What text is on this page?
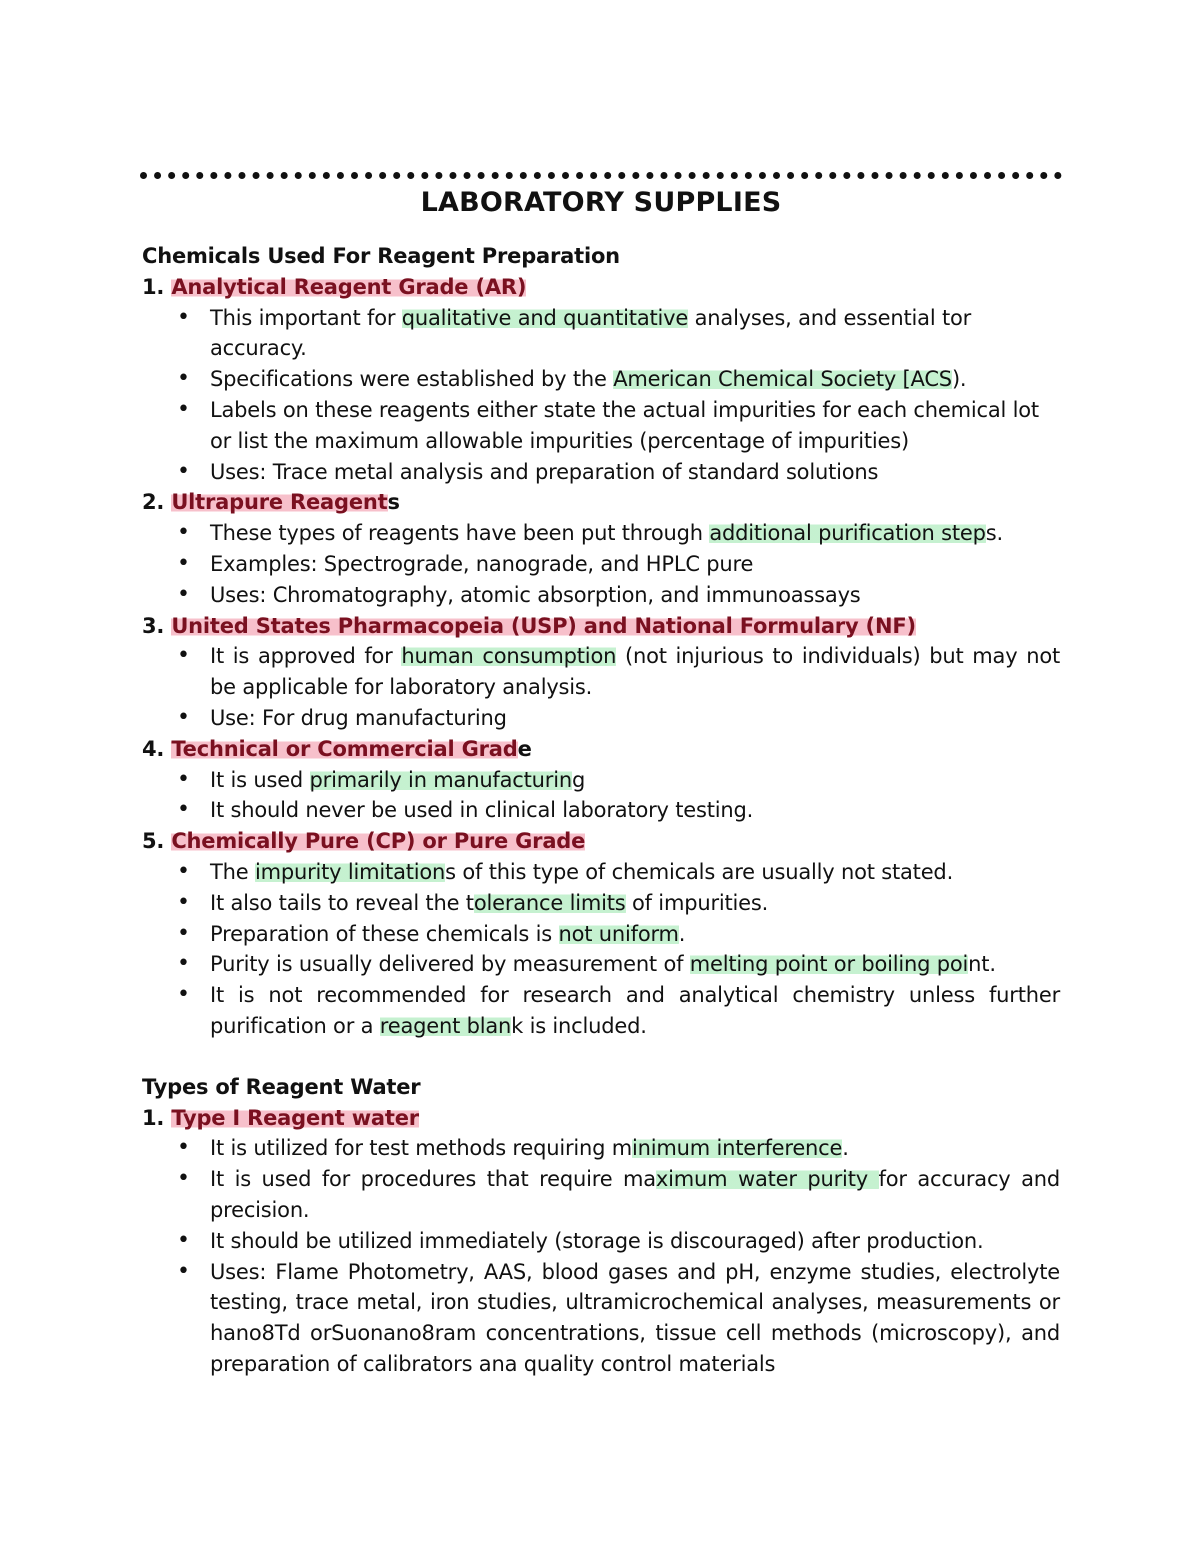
LABORATORY SUPPLIES
Chemicals Used For Reagent Preparation
1. Analytical Reagent Grade (AR)
• This important for qualitative and quantitative analyses, and essential tor accuracy.
• Specifications were established by the American Chemical Society [ACS).
• Labels on these reagents either state the actual impurities for each chemical lot or list the maximum allowable impurities (percentage of impurities)
• Uses: Trace metal analysis and preparation of standard solutions
2. Ultrapure Reagents
• These types of reagents have been put through additional purification steps.
• Examples: Spectrograde, nanograde, and HPLC pure
• Uses: Chromatography, atomic absorption, and immunoassays
3. United States Pharmacopeia (USP) and National Formulary (NF)
• It is approved for human consumption (not injurious to individuals) but may not be applicable for laboratory analysis.
• Use: For drug manufacturing
4. Technical or Commercial Grade
• It is used primarily in manufacturing
• It should never be used in clinical laboratory testing.
5. Chemically Pure (CP) or Pure Grade
• The impurity limitations of this type of chemicals are usually not stated.
• It also tails to reveal the tolerance limits of impurities.
• Preparation of these chemicals is not uniform.
• Purity is usually delivered by measurement of melting point or boiling point.
• It is not recommended for research and analytical chemistry unless further purification or a reagent blank is included.
Types of Reagent Water
1. Type I Reagent water
• It is utilized for test methods requiring minimum interference.
• It is used for procedures that require maximum water purity for accuracy and precision.
• It should be utilized immediately (storage is discouraged) after production.
• Uses: Flame Photometry, AAS, blood gases and pH, enzyme studies, electrolyte testing, trace metal, iron studies, ultramicrochemical analyses, measurements or hano8Td orSuonano8ram concentrations, tissue cell methods (microscopy), and preparation of calibrators ana quality control materials
